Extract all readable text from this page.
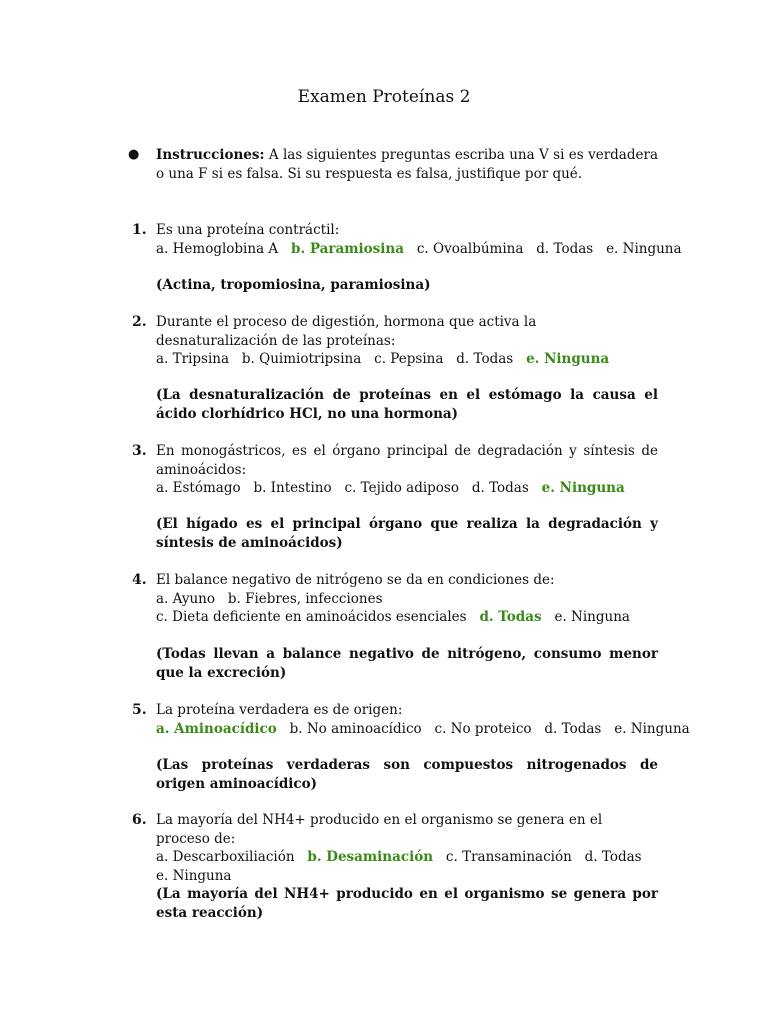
Examen Proteínas 2
● Instrucciones: A las siguientes preguntas escriba una V si es verdadera o una F si es falsa. Si su respuesta es falsa, justifique por qué.
1. Es una proteína contráctil:
a. Hemoglobina A   b. Paramiosina   c. Ovoalbúmina   d. Todas   e. Ninguna
(Actina, tropomiosina, paramiosina)
2. Durante el proceso de digestión, hormona que activa la desnaturalización de las proteínas:
a. Tripsina   b. Quimiotripsina   c. Pepsina   d. Todas   e. Ninguna
(La desnaturalización de proteínas en el estómago la causa el ácido clorhídrico HCl, no una hormona)
3. En monogástricos, es el órgano principal de degradación y síntesis de aminoácidos:
a. Estómago   b. Intestino   c. Tejido adiposo   d. Todas   e. Ninguna
(El hígado es el principal órgano que realiza la degradación y síntesis de aminoácidos)
4. El balance negativo de nitrógeno se da en condiciones de:
a. Ayuno   b. Fiebres, infecciones
c. Dieta deficiente en aminoácidos esenciales   d. Todas   e. Ninguna
(Todas llevan a balance negativo de nitrógeno, consumo menor que la excreción)
5. La proteína verdadera es de origen:
a. Aminoacídico   b. No aminoacídico   c. No proteico   d. Todas   e. Ninguna
(Las proteínas verdaderas son compuestos nitrogenados de origen aminoacídico)
6. La mayoría del NH4+ producido en el organismo se genera en el proceso de:
a. Descarboxiliación   b. Desaminación   c. Transaminación   d. Todas
e. Ninguna
(La mayoría del NH4+ producido en el organismo se genera por esta reacción)
